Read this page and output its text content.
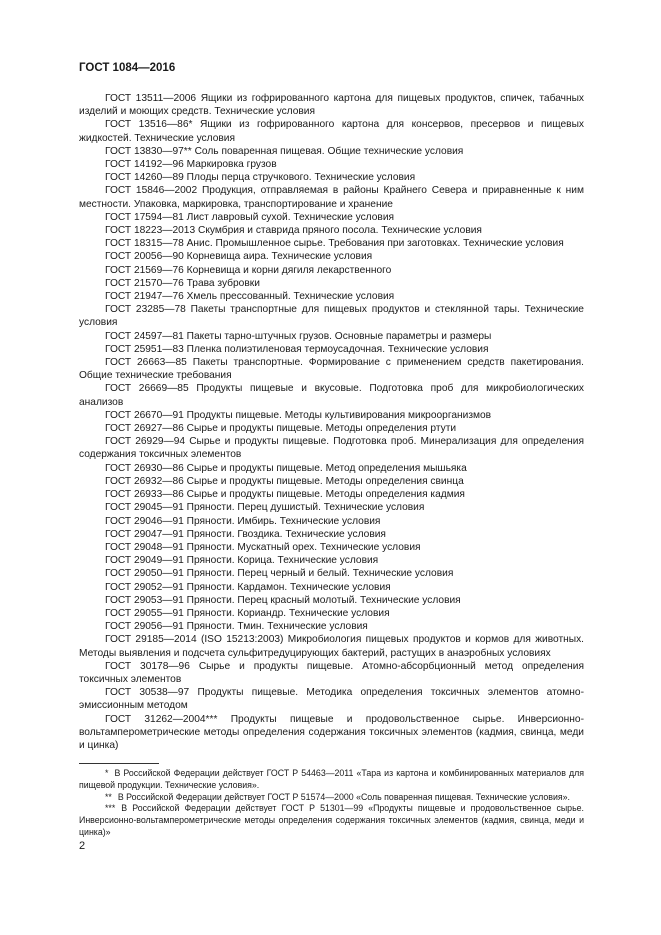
ГОСТ 1084—2016
ГОСТ 13511—2006 Ящики из гофрированного картона для пищевых продуктов, спичек, табачных изделий и моющих средств. Технические условия
ГОСТ 13516—86* Ящики из гофрированного картона для консервов, пресервов и пищевых жидкостей. Технические условия
ГОСТ 13830—97** Соль поваренная пищевая. Общие технические условия
ГОСТ 14192—96 Маркировка грузов
ГОСТ 14260—89 Плоды перца стручкового. Технические условия
ГОСТ 15846—2002 Продукция, отправляемая в районы Крайнего Севера и приравненные к ним местности. Упаковка, маркировка, транспортирование и хранение
ГОСТ 17594—81 Лист лавровый сухой. Технические условия
ГОСТ 18223—2013 Скумбрия и ставрида пряного посола. Технические условия
ГОСТ 18315—78 Анис. Промышленное сырье. Требования при заготовках. Технические условия
ГОСТ 20056—90 Корневища аира. Технические условия
ГОСТ 21569—76 Корневища и корни дягиля лекарственного
ГОСТ 21570—76 Трава зубровки
ГОСТ 21947—76 Хмель прессованный. Технические условия
ГОСТ 23285—78 Пакеты транспортные для пищевых продуктов и стеклянной тары. Технические условия
ГОСТ 24597—81 Пакеты тарно-штучных грузов. Основные параметры и размеры
ГОСТ 25951—83 Пленка полиэтиленовая термоусадочная. Технические условия
ГОСТ 26663—85 Пакеты транспортные. Формирование с применением средств пакетирования. Общие технические требования
ГОСТ 26669—85 Продукты пищевые и вкусовые. Подготовка проб для микробиологических анализов
ГОСТ 26670—91 Продукты пищевые. Методы культивирования микроорганизмов
ГОСТ 26927—86 Сырье и продукты пищевые. Методы определения ртути
ГОСТ 26929—94 Сырье и продукты пищевые. Подготовка проб. Минерализация для определения содержания токсичных элементов
ГОСТ 26930—86 Сырье и продукты пищевые. Метод определения мышьяка
ГОСТ 26932—86 Сырье и продукты пищевые. Методы определения свинца
ГОСТ 26933—86 Сырье и продукты пищевые. Методы определения кадмия
ГОСТ 29045—91 Пряности. Перец душистый. Технические условия
ГОСТ 29046—91 Пряности. Имбирь. Технические условия
ГОСТ 29047—91 Пряности. Гвоздика. Технические условия
ГОСТ 29048—91 Пряности. Мускатный орех. Технические условия
ГОСТ 29049—91 Пряности. Корица. Технические условия
ГОСТ 29050—91 Пряности. Перец черный и белый. Технические условия
ГОСТ 29052—91 Пряности. Кардамон. Технические условия
ГОСТ 29053—91 Пряности. Перец красный молотый. Технические условия
ГОСТ 29055—91 Пряности. Кориандр. Технические условия
ГОСТ 29056—91 Пряности. Тмин. Технические условия
ГОСТ 29185—2014 (ISO 15213:2003) Микробиология пищевых продуктов и кормов для животных. Методы выявления и подсчета сульфитредуцирующих бактерий, растущих в анаэробных условиях
ГОСТ 30178—96 Сырье и продукты пищевые. Атомно-абсорбционный метод определения токсичных элементов
ГОСТ 30538—97 Продукты пищевые. Методика определения токсичных элементов атомно-эмиссионным методом
ГОСТ 31262—2004*** Продукты пищевые и продовольственное сырье. Инверсионно-вольтамперометрические методы определения содержания токсичных элементов (кадмия, свинца, меди и цинка)
* В Российской Федерации действует ГОСТ Р 54463—2011 «Тара из картона и комбинированных материалов для пищевой продукции. Технические условия».
** В Российской Федерации действует ГОСТ Р 51574—2000 «Соль поваренная пищевая. Технические условия».
*** В Российской Федерации действует ГОСТ Р 51301—99 «Продукты пищевые и продовольственное сырье. Инверсионно-вольтамперометрические методы определения содержания токсичных элементов (кадмия, свинца, меди и цинка)»
2
